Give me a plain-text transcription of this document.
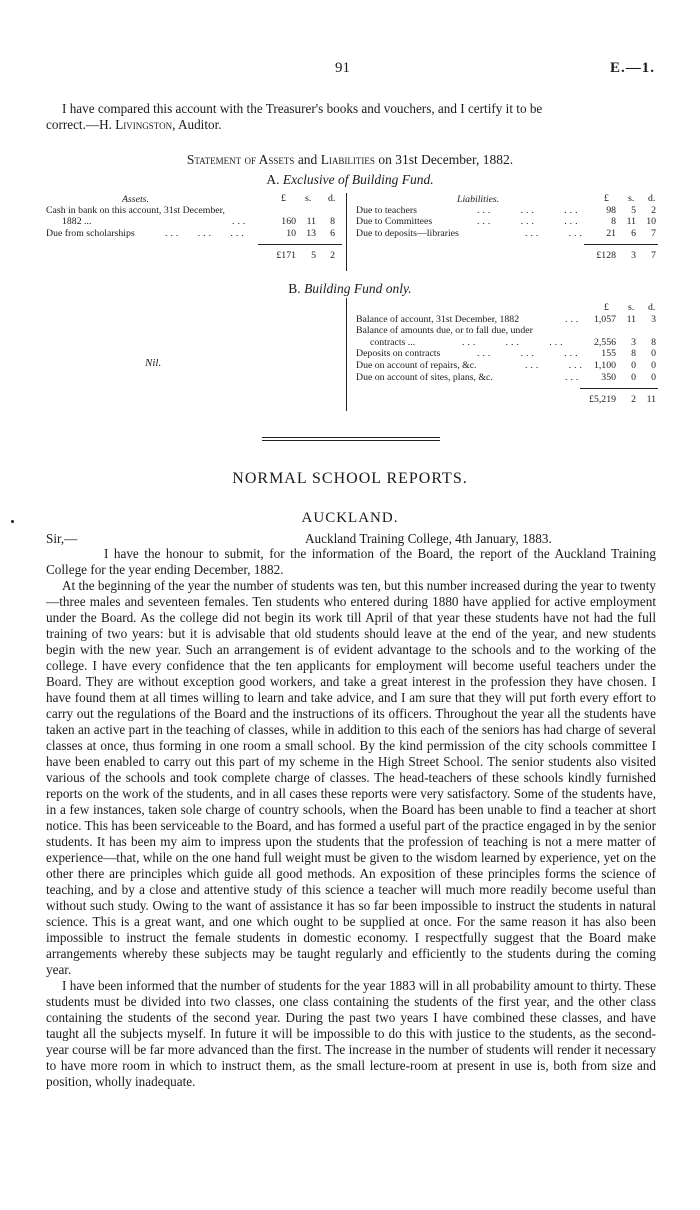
91	E.—1.
I have compared this account with the Treasurer's books and vouchers, and I certify it to be
correct.—H. Livingston, Auditor.
Statement of Assets and Liabilities on 31st December, 1882.
A. Exclusive of Building Fund.
Assets.	£ s. d.
Cash in bank on this account, 31st December,
1882 ...	...	160	11	8
Due from scholarships	...   ...   ...	10	13	6
£171	5	2
Liabilities.	£ s. d.
Due to teachers	...     ...     ...	98	5	2
Due to Committees	...     ...     ...	8	11	10
Due to deposits—libraries	...     ...	21	6	7
£128	3	7
B. Building Fund only.
£ s. d.
Nil.
Balance of account, 31st December, 1882	...	1,057	11	3
Balance of amounts due, or to fall due, under
contracts ...	...     ...     ...	2,556	3	8
Deposits on contracts	...     ...     ...	155	8	0
Due on account of repairs, &c.	...     ... 1,100	0	0
Due on account of sites, plans, &c.	...	350	0	0
£5,219	2	11
NORMAL SCHOOL REPORTS.
AUCKLAND.
Sir,—	Auckland Training College, 4th January, 1883.

I have the honour to submit, for the information of the Board, the report of the Auckland Training College for the year ending December, 1882.

At the beginning of the year the number of students was ten, but this number increased during the year to twenty—three males and seventeen females. Ten students who entered during 1880 have applied for active employment under the Board. As the college did not begin its work till April of that year these students have not had the full training of two years: but it is advisable that old students should leave at the end of the year, and new students begin with the new year. Such an arrangement is of evident advantage to the schools and to the working of the college. I have every confidence that the ten applicants for employment will become useful teachers under the Board. They are without exception good workers, and take a great interest in the profession they have chosen. I have found them at all times willing to learn and take advice, and I am sure that they will put forth every effort to carry out the regulations of the Board and the instructions of its officers. Throughout the year all the students have taken an active part in the teaching of classes, while in addition to this each of the seniors has had charge of several classes at once, thus forming in one room a small school. By the kind permission of the city schools committee I have been enabled to carry out this part of my scheme in the High Street School. The senior students also visited various of the schools and took complete charge of classes. The head-teachers of these schools kindly furnished reports on the work of the students, and in all cases these reports were very satisfactory. Some of the students have, in a few instances, taken sole charge of country schools, when the Board has been unable to find a teacher at short notice. This has been serviceable to the Board, and has formed a useful part of the practice engaged in by the senior students. It has been my aim to impress upon the students that the profession of teaching is not a mere matter of experience—that, while on the one hand full weight must be given to the wisdom learned by experience, yet on the other there are principles which guide all good methods. An exposition of these principles forms the science of teaching, and by a close and attentive study of this science a teacher will much more readily become useful than without such study. Owing to the want of assistance it has so far been impossible to instruct the students in natural science. This is a great want, and one which ought to be supplied at once. For the same reason it has also been impossible to instruct the female students in domestic economy. I respectfully suggest that the Board make arrangements whereby these subjects may be taught regularly and efficiently to the students during the coming year.

I have been informed that the number of students for the year 1883 will in all probability amount to thirty. These students must be divided into two classes, one class containing the students of the first year, and the other class containing the students of the second year. During the past two years I have combined these classes, and have taught all the subjects myself. In future it will be impossible to do this with justice to the students, as the second-year course will be far more advanced than the first. The increase in the number of students will render it necessary to have more room in which to instruct them, as the small lecture-room at present in use is, both from size and position, wholly inadequate.
